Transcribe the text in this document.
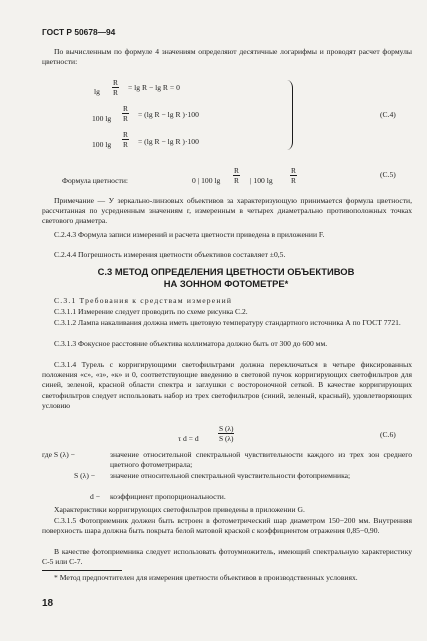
ГОСТ Р 50678—94
По вычисленным по формуле 4 значениям определяют десятичные логарифмы и проводят расчет формулы цветности:
$\lg \frac{R}{R} = \lg R - \lg R = 0$
100 $\lg \frac{R}{R} = (\lg$ R − lg R )·100
100 $\lg \frac{R}{R} = (\lg$ R − lg R )·100
(С.4)
Формула цветности:	0 | 100 $\lg \frac{R}{R}$ | 100 $\lg \frac{R}{R}$	(С.5)
Примечание — У зеркально-линзовых объективов за характеризующую принимается формула цветности, рассчитанная по усредненным значениям r, измеренным в четырех диаметрально противоположных точках светового диаметра.
С.2.4.3 Формула записи измерений и расчета цветности приведена в приложении F.
С.2.4.4 Погрешность измерения цветности объективов составляет ±0,5.
С.3 МЕТОД ОПРЕДЕЛЕНИЯ ЦВЕТНОСТИ ОБЪЕКТИВОВ
НА ЗОННОМ ФОТОМЕТРЕ*
С.3.1 Требования к средствам измерений
С.3.1.1 Измерение следует проводить по схеме рисунка С.2.
С.3.1.2 Лампа накаливания должна иметь цветовую температуру стандартного источника А по ГОСТ 7721.
С.3.1.3 Фокусное расстояние объектива коллиматора должно быть от 300 до 600 мм.
С.3.1.4 Турель с корригирующими светофильтрами должна переключаться в четыре фиксированных положения «с», «з», «к» и 0, соответствующие введению в световой пучок корригирующих светофильтров для синей, зеленой, красной области спектра и заглушки с востороночной сеткой. В качестве корригирующих светофильтров следует использовать набор из трех светофильтров (синий, зеленый, красный), удовлетворяющих условию
τ d = d	$\frac{S (\lambda)}{S (\lambda)}$	(С.6)
где S (λ) −	значение относительной спектральной чувствительности каждого из трех зон среднего цветного фотометрирала;
S (λ) − значение относительной спектральной чувствительности фотоприемника;
d − коэффициент пропорциональности.
Характеристики корригирующих светофильтров приведены в приложении G.
С.3.1.5 Фотоприемник должен быть встроен в фотометрический шар диаметром 150−200 мм. Внутренняя поверхность шара должна быть покрыта белой матовой краской с коэффициентом отражения 0,85−0,90.
В качестве фотоприемника следует использовать фотоумножитель, имеющий спектральную характеристику С-5 или С-7.
* Метод предпочтителен для измерения цветности объективов в производственных условиях.
18
